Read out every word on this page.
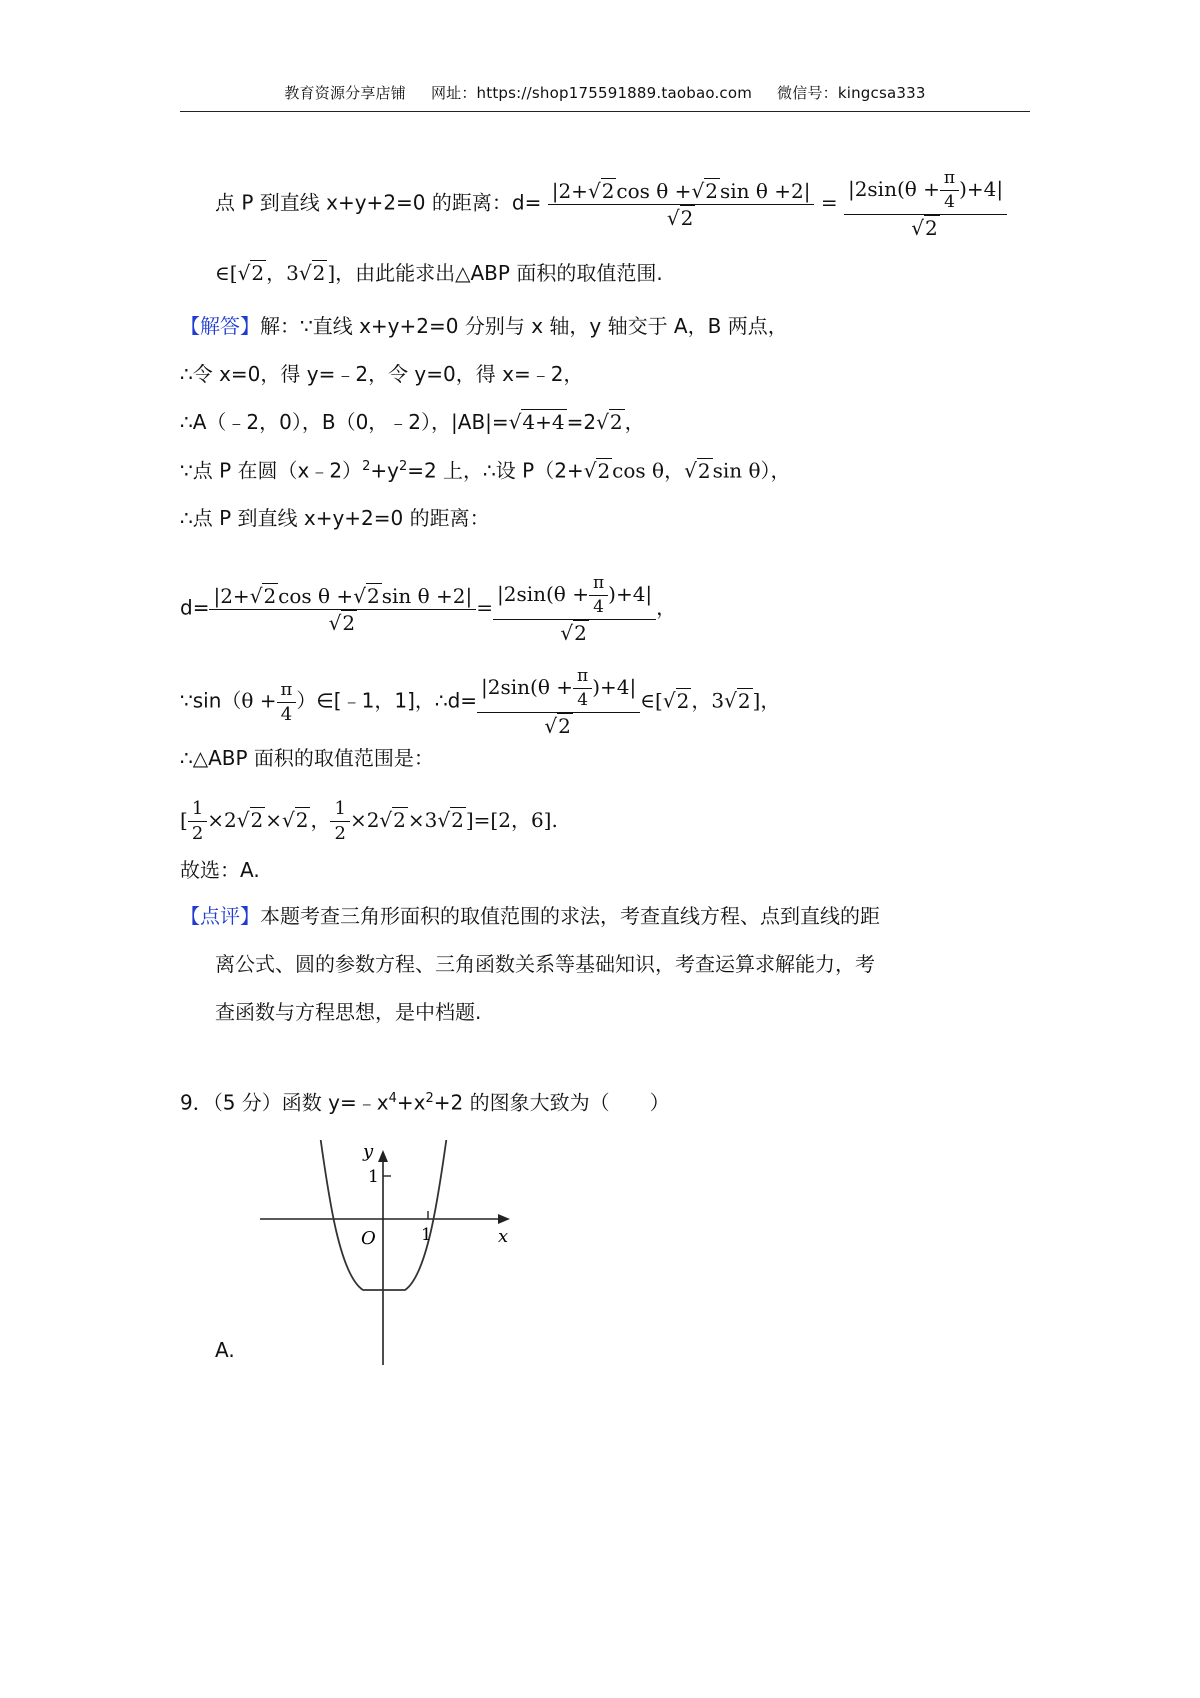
教育资源分享店铺 网址：https://shop175591889.taobao.com 微信号：kingcsa333
点 P 到直线 x+y+2=0 的距离：$d= \frac{\text{|2+√2 cos θ +√2 sin θ +2|}}{√2} = \frac{|2\sin(\theta + \frac{\pi}{4} )+4|}{√2}$
∈[√2 ，3√2 ]，由此能求出△ABP 面积的取值范围.
【解答】解：∵直线 x+y+2=0 分别与 x 轴，y 轴交于 A，B 两点，
∴令 x=0，得 y=﹣2，令 y=0，得 x=﹣2，
∴A（﹣2，0），B（0，﹣2），|AB|=√4+4 =2√2 ，
∵点 P 在圆$(x﹣2)^2+y^2=2$ 上，∴设 P（2+√2 cos θ，√2 sin θ），
∴点 P 到直线 x+y+2=0 的距离：
$d= \frac{\text{|2+√2 cos θ +√2 sin θ +2|}}{√2} = \frac{|2\sin(\theta + \frac{\pi}{4} )+4|}{√2}$ ，
∵sin（θ + $\frac{\pi}{4}$ ）∈[﹣1，1]，∴d= $\frac{|2\sin(\theta + \frac{\pi}{4} )+4|}{√2}$ ∈[√2 ，3√2 ]，
∴△ABP 面积的取值范围是：
[ $\frac{1}{2} \times 2√2 \times√2$ ， $\frac{1}{2} \times 2√2 \times 3√2$ ]=[2，6].
故选：A.
【点评】本题考查三角形面积的取值范围的求法，考查直线方程、点到直线的距
离公式、圆的参数方程、三角函数关系等基础知识，考查运算求解能力，考
查函数与方程思想，是中档题.
9．（5 分）函数 $y=﹣x^4+x^2+2$ 的图象大致为（　　）
y
x
O
1
1
A.
